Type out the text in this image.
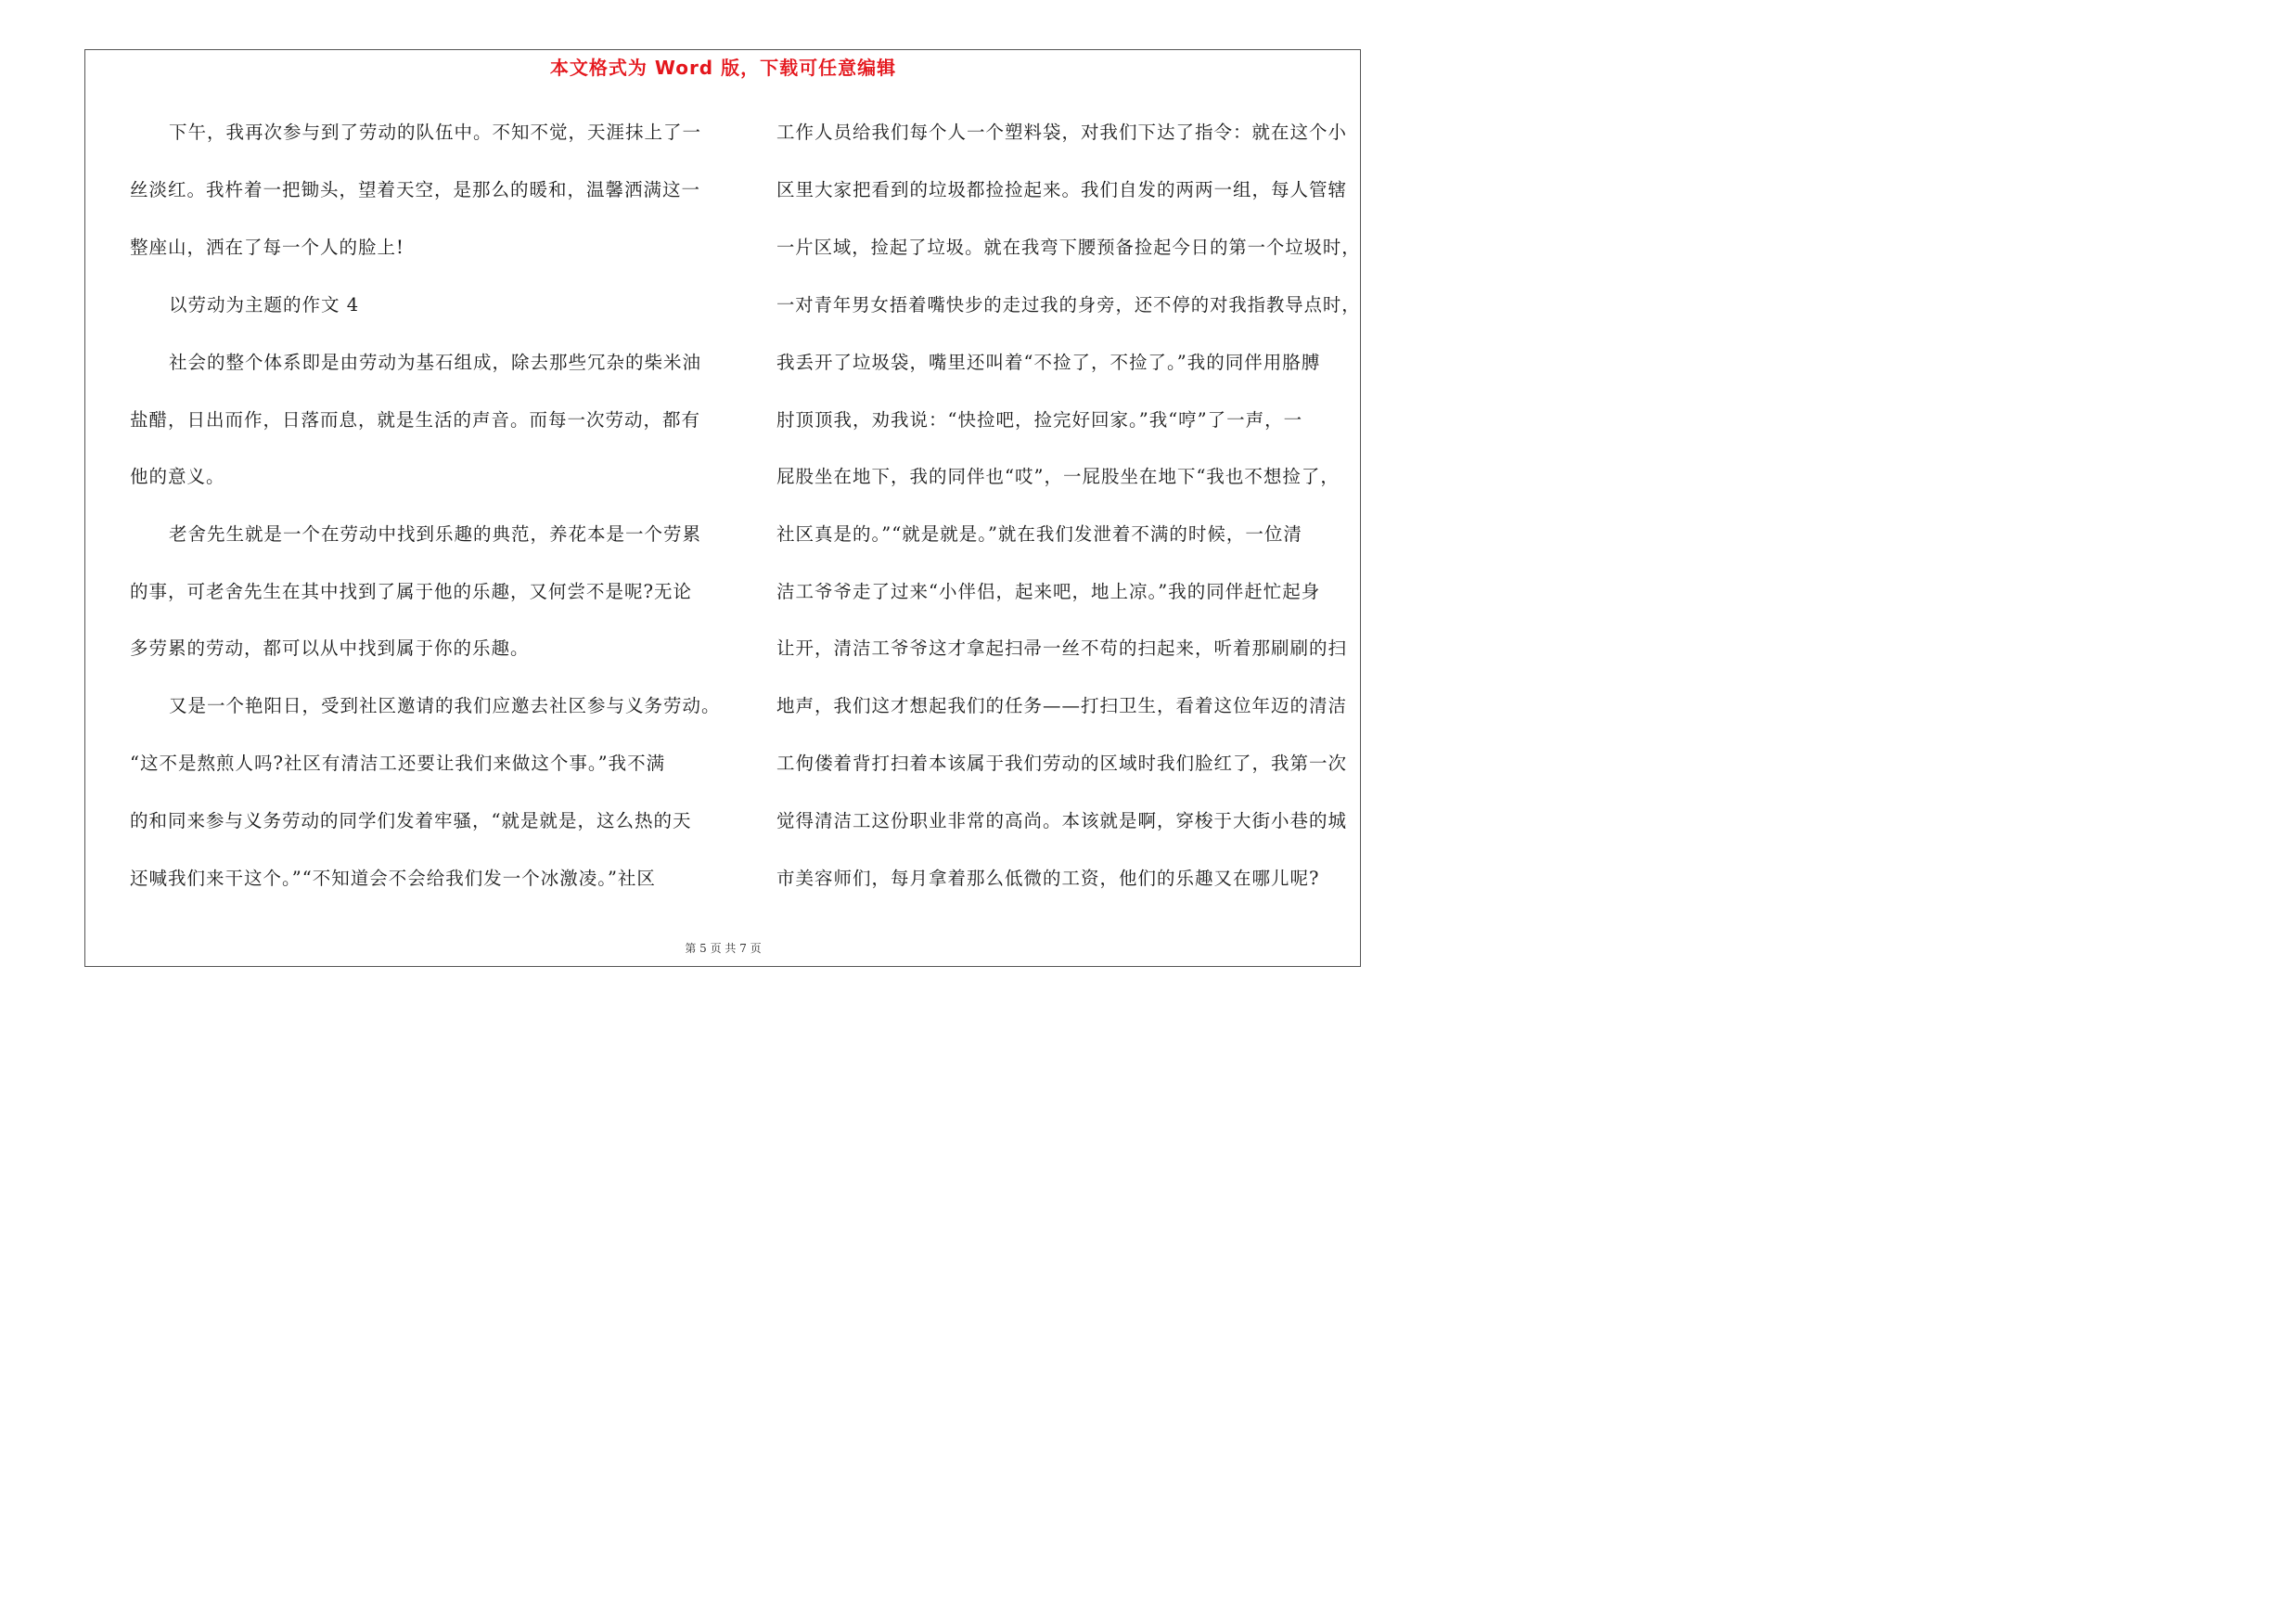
本文格式为 Word 版，下载可任意编辑
下午，我再次参与到了劳动的队伍中。不知不觉，天涯抹上了一
丝淡红。我杵着一把锄头，望着天空，是那么的暖和，温馨洒满这一
整座山，洒在了每一个人的脸上!
以劳动为主题的作文 4
社会的整个体系即是由劳动为基石组成，除去那些冗杂的柴米油
盐醋，日出而作，日落而息，就是生活的声音。而每一次劳动，都有
他的意义。
老舍先生就是一个在劳动中找到乐趣的典范，养花本是一个劳累
的事，可老舍先生在其中找到了属于他的乐趣，又何尝不是呢?无论
多劳累的劳动，都可以从中找到属于你的乐趣。
又是一个艳阳日，受到社区邀请的我们应邀去社区参与义务劳动。
“这不是熬煎人吗?社区有清洁工还要让我们来做这个事。”我不满
的和同来参与义务劳动的同学们发着牢骚，“就是就是，这么热的天
还喊我们来干这个。”“不知道会不会给我们发一个冰激凌。”社区
工作人员给我们每个人一个塑料袋，对我们下达了指令：就在这个小
区里大家把看到的垃圾都捡捡起来。我们自发的两两一组，每人管辖
一片区域，捡起了垃圾。就在我弯下腰预备捡起今日的第一个垃圾时，
一对青年男女捂着嘴快步的走过我的身旁，还不停的对我指教导点时，
我丢开了垃圾袋，嘴里还叫着“不捡了，不捡了。”我的同伴用胳膊
肘顶顶我，劝我说：“快捡吧，捡完好回家。”我“哼”了一声，一
屁股坐在地下，我的同伴也“哎”，一屁股坐在地下“我也不想捡了，
社区真是的。”“就是就是。”就在我们发泄着不满的时候，一位清
洁工爷爷走了过来“小伴侣，起来吧，地上凉。”我的同伴赶忙起身
让开，清洁工爷爷这才拿起扫帚一丝不苟的扫起来，听着那刷刷的扫
地声，我们这才想起我们的任务——打扫卫生，看着这位年迈的清洁
工佝偻着背打扫着本该属于我们劳动的区域时我们脸红了，我第一次
觉得清洁工这份职业非常的高尚。本该就是啊，穿梭于大街小巷的城
市美容师们，每月拿着那么低微的工资，他们的乐趣又在哪儿呢?
第 5 页 共 7 页
